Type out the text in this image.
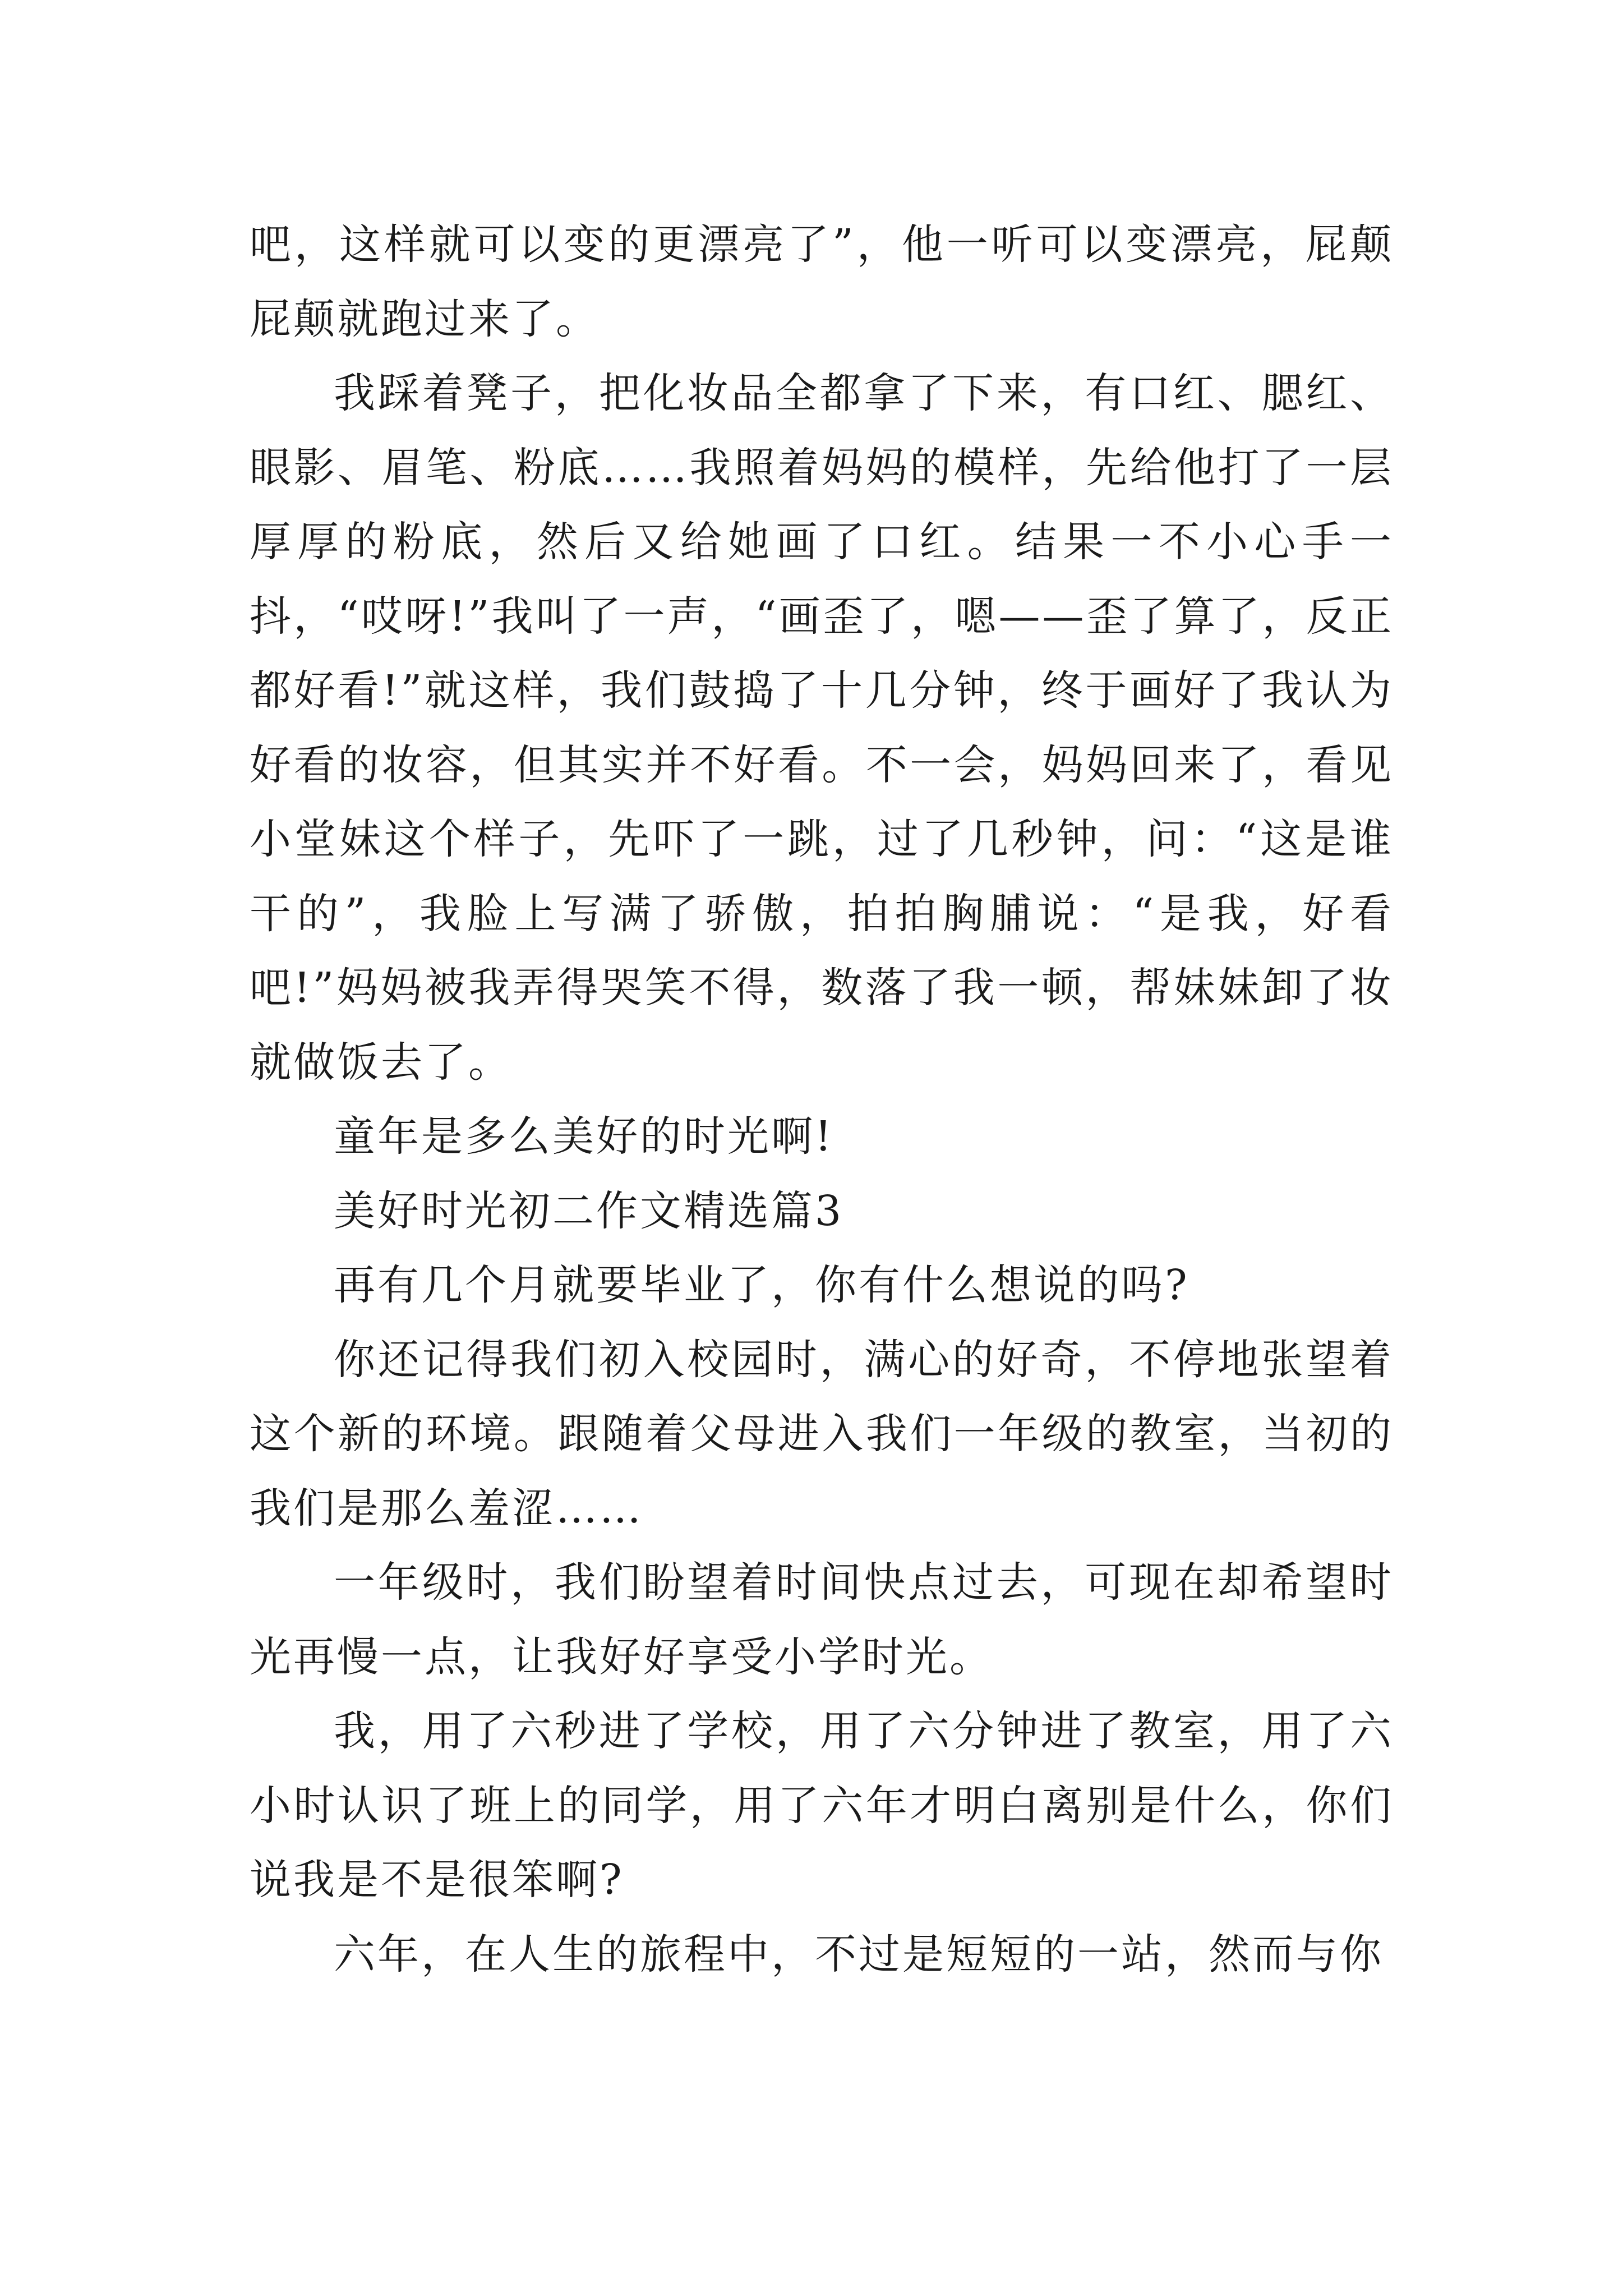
吧，这样就可以变的更漂亮了”，他一听可以变漂亮，屁颠屁颠就跑过来了。

我踩着凳子，把化妆品全都拿了下来，有口红、腮红、眼影、眉笔、粉底……我照着妈妈的模样，先给他打了一层厚厚的粉底，然后又给她画了口红。结果一不小心手一抖，“哎呀!”我叫了一声，“画歪了，嗯——歪了算了，反正都好看!”就这样，我们鼓捣了十几分钟，终于画好了我认为好看的妆容，但其实并不好看。不一会，妈妈回来了，看见小堂妹这个样子，先吓了一跳，过了几秒钟，问：“这是谁干的”，我脸上写满了骄傲，拍拍胸脯说：“是我，好看吧!”妈妈被我弄得哭笑不得，数落了我一顿，帮妹妹卸了妆就做饭去了。

童年是多么美好的时光啊!

美好时光初二作文精选篇3

再有几个月就要毕业了，你有什么想说的吗?

你还记得我们初入校园时，满心的好奇，不停地张望着这个新的环境。跟随着父母进入我们一年级的教室，当初的我们是那么羞涩……

一年级时，我们盼望着时间快点过去，可现在却希望时光再慢一点，让我好好享受小学时光。

我，用了六秒进了学校，用了六分钟进了教室，用了六小时认识了班上的同学，用了六年才明白离别是什么，你们说我是不是很笨啊?

六年，在人生的旅程中，不过是短短的一站，然而与你
